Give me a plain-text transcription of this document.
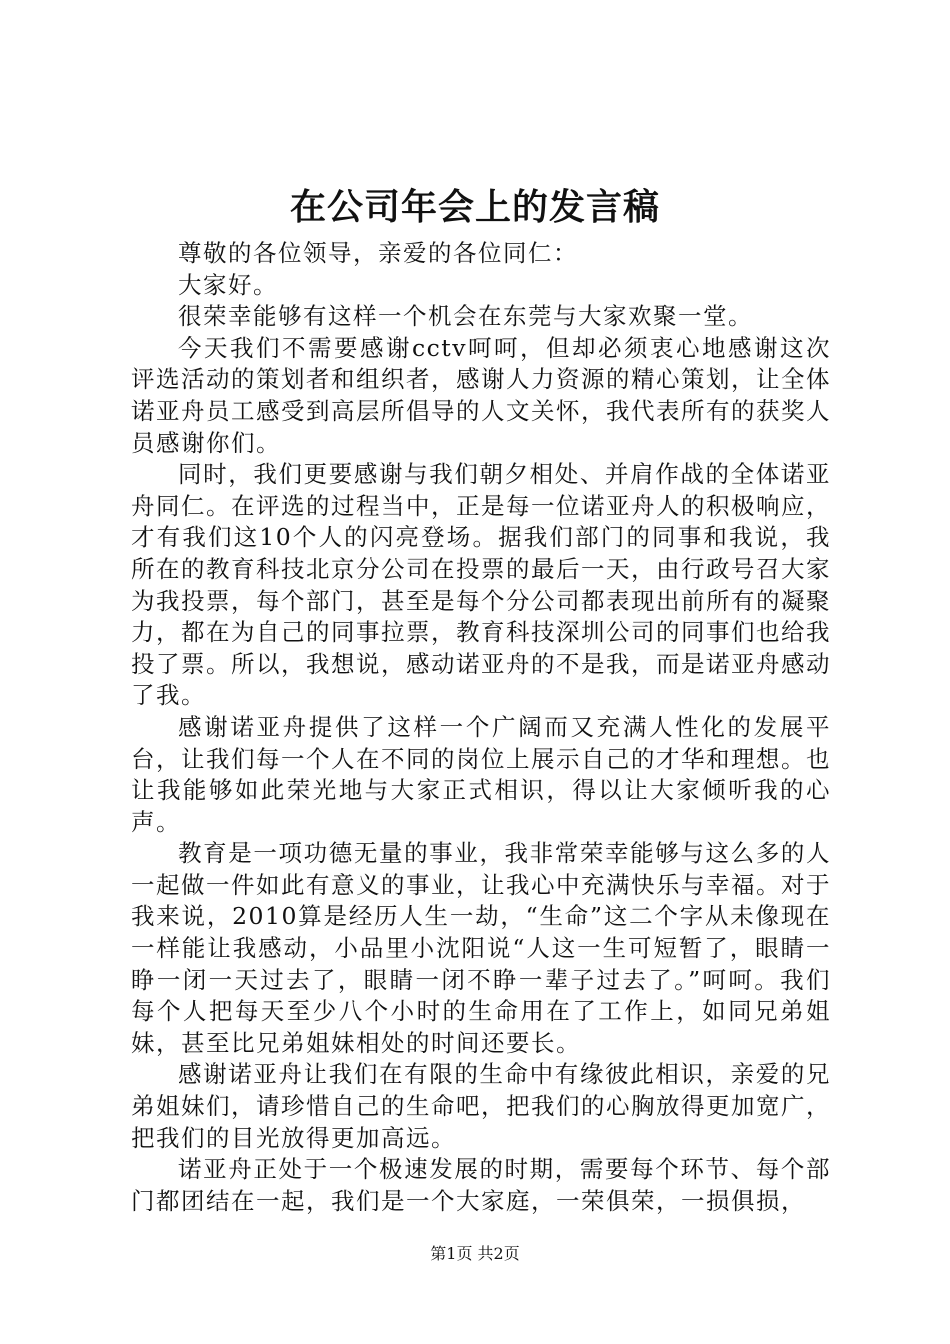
在公司年会上的发言稿

尊敬的各位领导，亲爱的各位同仁：

大家好。

很荣幸能够有这样一个机会在东莞与大家欢聚一堂。

今天我们不需要感谢cctv呵呵，但却必须衷心地感谢这次评选活动的策划者和组织者，感谢人力资源的精心策划，让全体诺亚舟员工感受到高层所倡导的人文关怀，我代表所有的获奖人员感谢你们。

同时，我们更要感谢与我们朝夕相处、并肩作战的全体诺亚舟同仁。在评选的过程当中，正是每一位诺亚舟人的积极响应，才有我们这10个人的闪亮登场。据我们部门的同事和我说，我所在的教育科技北京分公司在投票的最后一天，由行政号召大家为我投票，每个部门，甚至是每个分公司都表现出前所有的凝聚力，都在为自己的同事拉票，教育科技深圳公司的同事们也给我投了票。所以，我想说，感动诺亚舟的不是我，而是诺亚舟感动了我。

感谢诺亚舟提供了这样一个广阔而又充满人性化的发展平台，让我们每一个人在不同的岗位上展示自己的才华和理想。也让我能够如此荣光地与大家正式相识，得以让大家倾听我的心声。

教育是一项功德无量的事业，我非常荣幸能够与这么多的人一起做一件如此有意义的事业，让我心中充满快乐与幸福。对于我来说，2010算是经历人生一劫，“生命”这二个字从未像现在一样能让我感动，小品里小沈阳说“人这一生可短暂了，眼睛一睁一闭一天过去了，眼睛一闭不睁一辈子过去了。”呵呵。我们每个人把每天至少八个小时的生命用在了工作上，如同兄弟姐妹，甚至比兄弟姐妹相处的时间还要长。

感谢诺亚舟让我们在有限的生命中有缘彼此相识，亲爱的兄弟姐妹们，请珍惜自己的生命吧，把我们的心胸放得更加宽广，把我们的目光放得更加高远。

诺亚舟正处于一个极速发展的时期，需要每个环节、每个部门都团结在一起，我们是一个大家庭，一荣俱荣，一损俱损，

第1页 共2页
